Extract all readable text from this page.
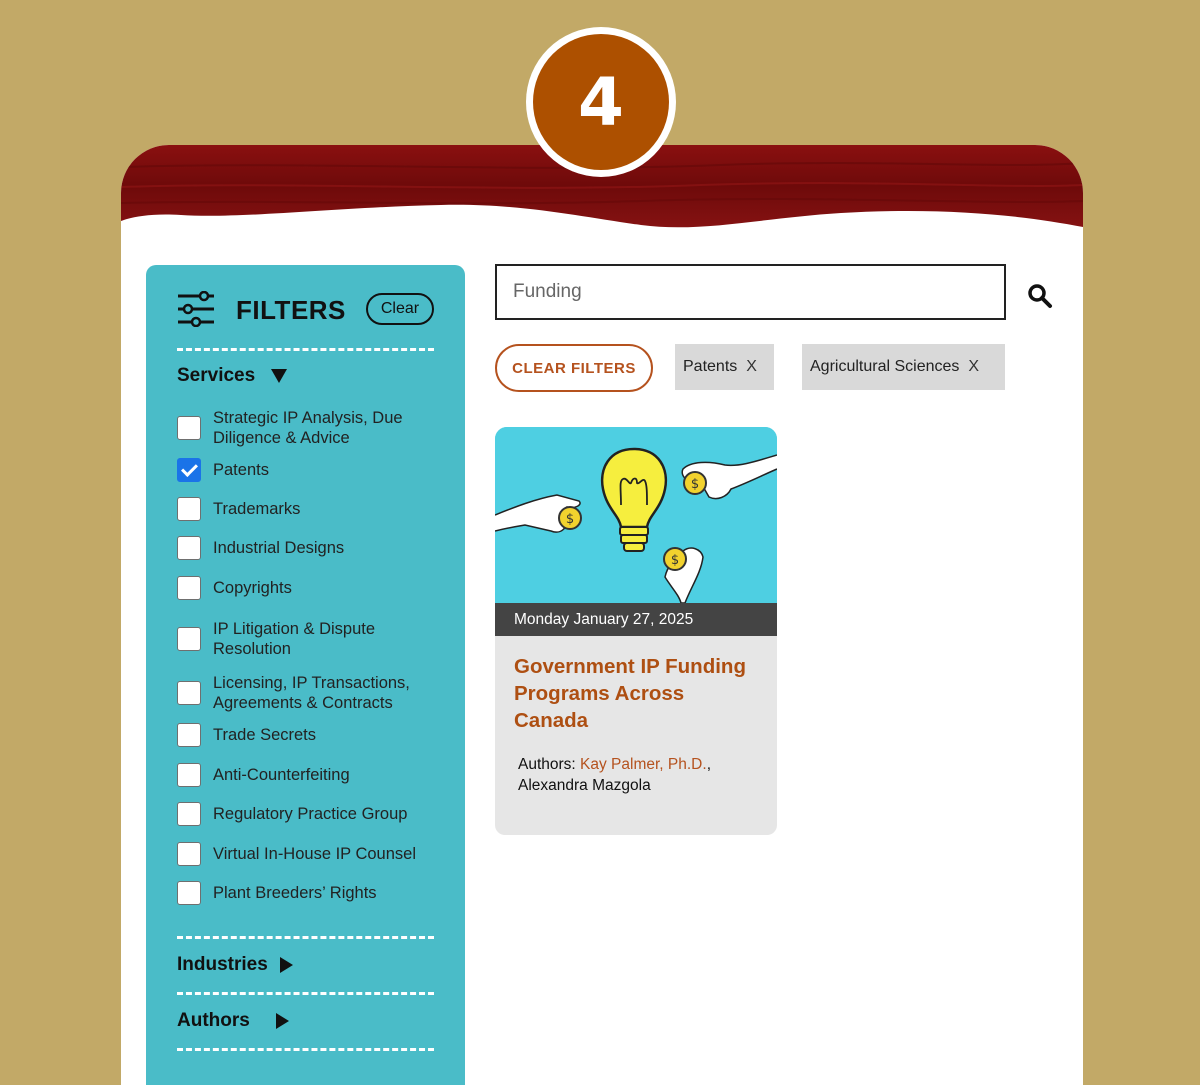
4
FILTERS	Clear
Services
Strategic IP Analysis, Due Diligence & Advice
Patents
Trademarks
Industrial Designs
Copyrights
IP Litigation & Dispute Resolution
Licensing, IP Transactions, Agreements & Contracts
Trade Secrets
Anti-Counterfeiting
Regulatory Practice Group
Virtual In-House IP Counsel
Plant Breeders’ Rights
Industries
Authors
Funding
CLEAR FILTERS	Patents X	Agricultural Sciences X
$
$
$
Monday January 27, 2025
Government IP Funding Programs Across Canada
Authors: Kay Palmer, Ph.D., Alexandra Mazgola
